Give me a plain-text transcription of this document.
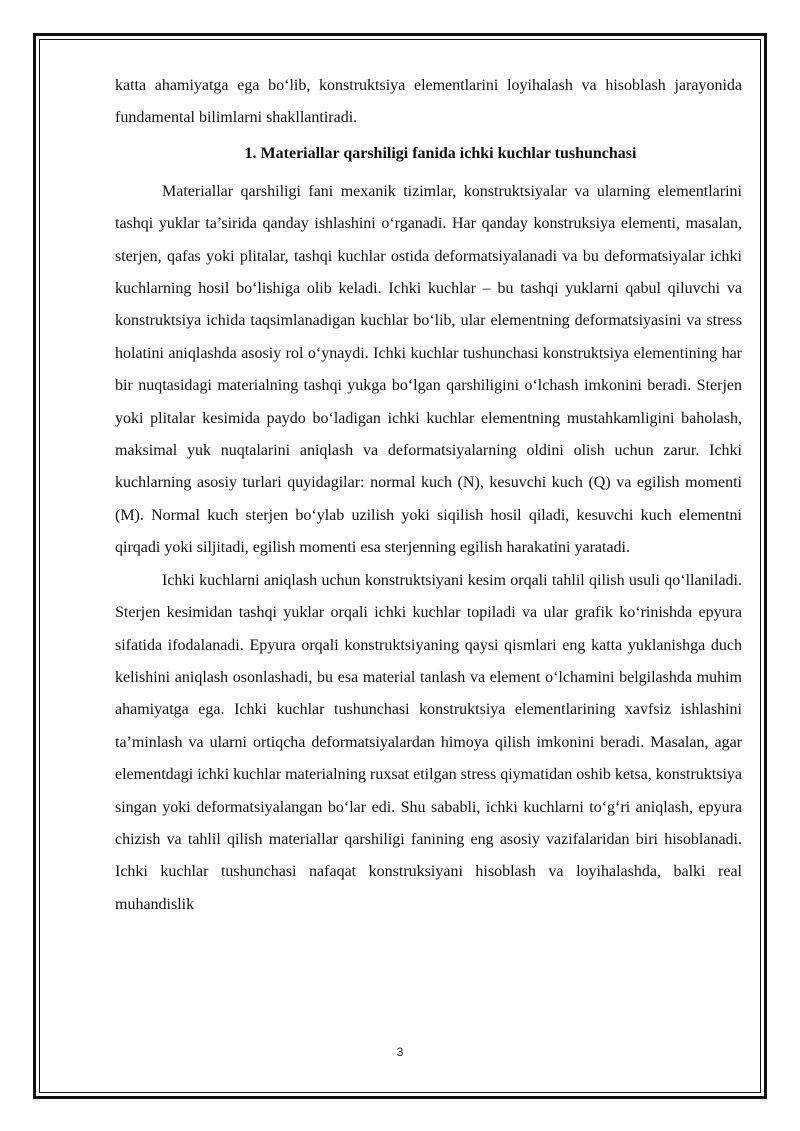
katta ahamiyatga ega bo‘lib, konstruktsiya elementlarini loyihalash va hisoblash jarayonida fundamental bilimlarni shakllantiradi.

1. Materiallar qarshiligi fanida ichki kuchlar tushunchasi

Materiallar qarshiligi fani mexanik tizimlar, konstruktsiyalar va ularning elementlarini tashqi yuklar ta’sirida qanday ishlashini o‘rganadi. Har qanday konstruksiya elementi, masalan, sterjen, qafas yoki plitalar, tashqi kuchlar ostida deformatsiyalanadi va bu deformatsiyalar ichki kuchlarning hosil bo‘lishiga olib keladi. Ichki kuchlar – bu tashqi yuklarni qabul qiluvchi va konstruktsiya ichida taqsimlanadigan kuchlar bo‘lib, ular elementning deformatsiyasini va stress holatini aniqlashda asosiy rol o‘ynaydi. Ichki kuchlar tushunchasi konstruktsiya elementining har bir nuqtasidagi materialning tashqi yukga bo‘lgan qarshiligini o‘lchash imkonini beradi. Sterjen yoki plitalar kesimida paydo bo‘ladigan ichki kuchlar elementning mustahkamligini baholash, maksimal yuk nuqtalarini aniqlash va deformatsiyalarning oldini olish uchun zarur. Ichki kuchlarning asosiy turlari quyidagilar: normal kuch (N), kesuvchi kuch (Q) va egilish momenti (M). Normal kuch sterjen bo‘ylab uzilish yoki siqilish hosil qiladi, kesuvchi kuch elementni qirqadi yoki siljitadi, egilish momenti esa sterjenning egilish harakatini yaratadi.

Ichki kuchlarni aniqlash uchun konstruktsiyani kesim orqali tahlil qilish usuli qo‘llaniladi. Sterjen kesimidan tashqi yuklar orqali ichki kuchlar topiladi va ular grafik ko‘rinishda epyura sifatida ifodalanadi. Epyura orqali konstruktsiyaning qaysi qismlari eng katta yuklanishga duch kelishini aniqlash osonlashadi, bu esa material tanlash va element o‘lchamini belgilashda muhim ahamiyatga ega. Ichki kuchlar tushunchasi konstruktsiya elementlarining xavfsiz ishlashini ta’minlash va ularni ortiqcha deformatsiyalardan himoya qilish imkonini beradi. Masalan, agar elementdagi ichki kuchlar materialning ruxsat etilgan stress qiymatidan oshib ketsa, konstruktsiya singan yoki deformatsiyalangan bo‘lar edi. Shu sababli, ichki kuchlarni to‘g‘ri aniqlash, epyura chizish va tahlil qilish materiallar qarshiligi fanining eng asosiy vazifalaridan biri hisoblanadi. Ichki kuchlar tushunchasi nafaqat konstruksiyani hisoblash va loyihalashda, balki real muhandislik

3
